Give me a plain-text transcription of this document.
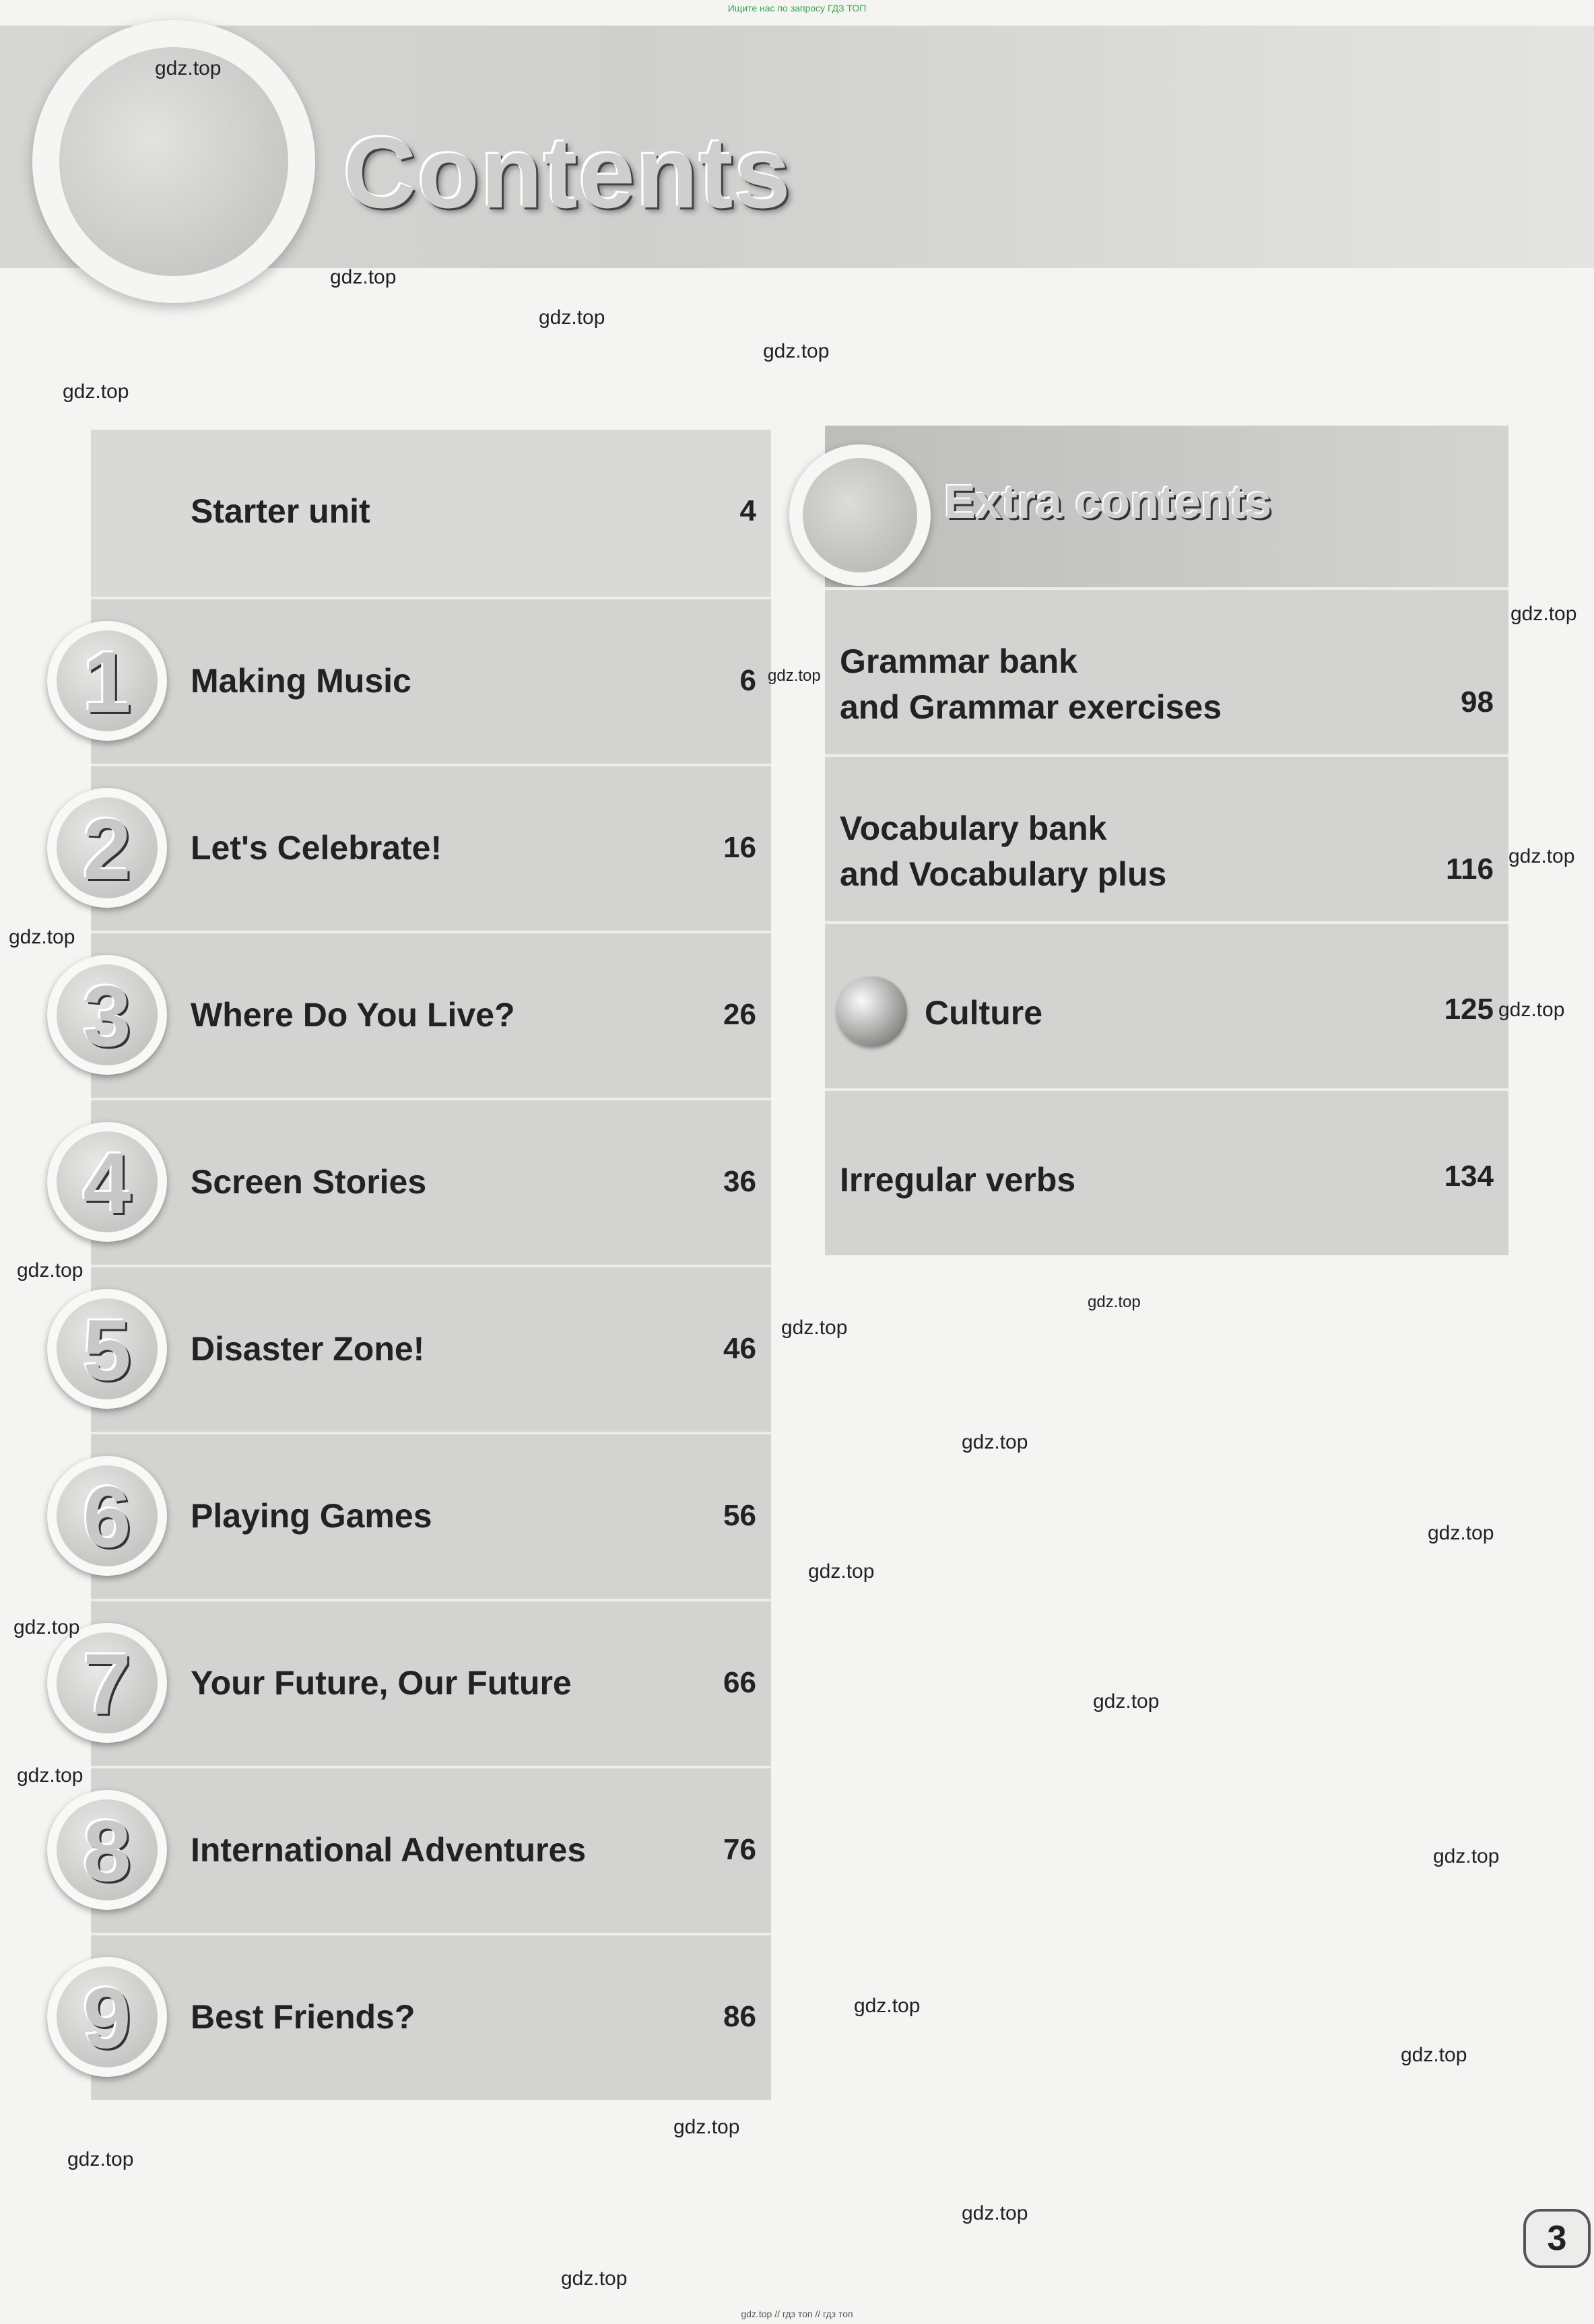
Ищите нас по запросу ГДЗ ТОП
Contents
Starter unit	4
1	Making Music	6
2	Let's Celebrate!	16
3	Where Do You Live?	26
4	Screen Stories	36
5	Disaster Zone!	46
6	Playing Games	56
7	Your Future, Our Future	66
8	International Adventures	76
9	Best Friends?	86
Extra contents
Grammar bank
and Grammar exercises	98
Vocabulary bank
and Vocabulary plus	116
Culture	125
Irregular verbs	134
gdz.top
gdz.top
gdz.top
gdz.top
gdz.top
gdz.top
gdz.top
gdz.top
gdz.top
gdz.top
gdz.top
gdz.top
gdz.top
gdz.top
gdz.top
gdz.top
gdz.top
gdz.top
gdz.top
gdz.top
gdz.top
gdz.top
gdz.top
gdz.top
gdz.top
gdz.top
3
gdz.top // гдз топ // гдз топ
